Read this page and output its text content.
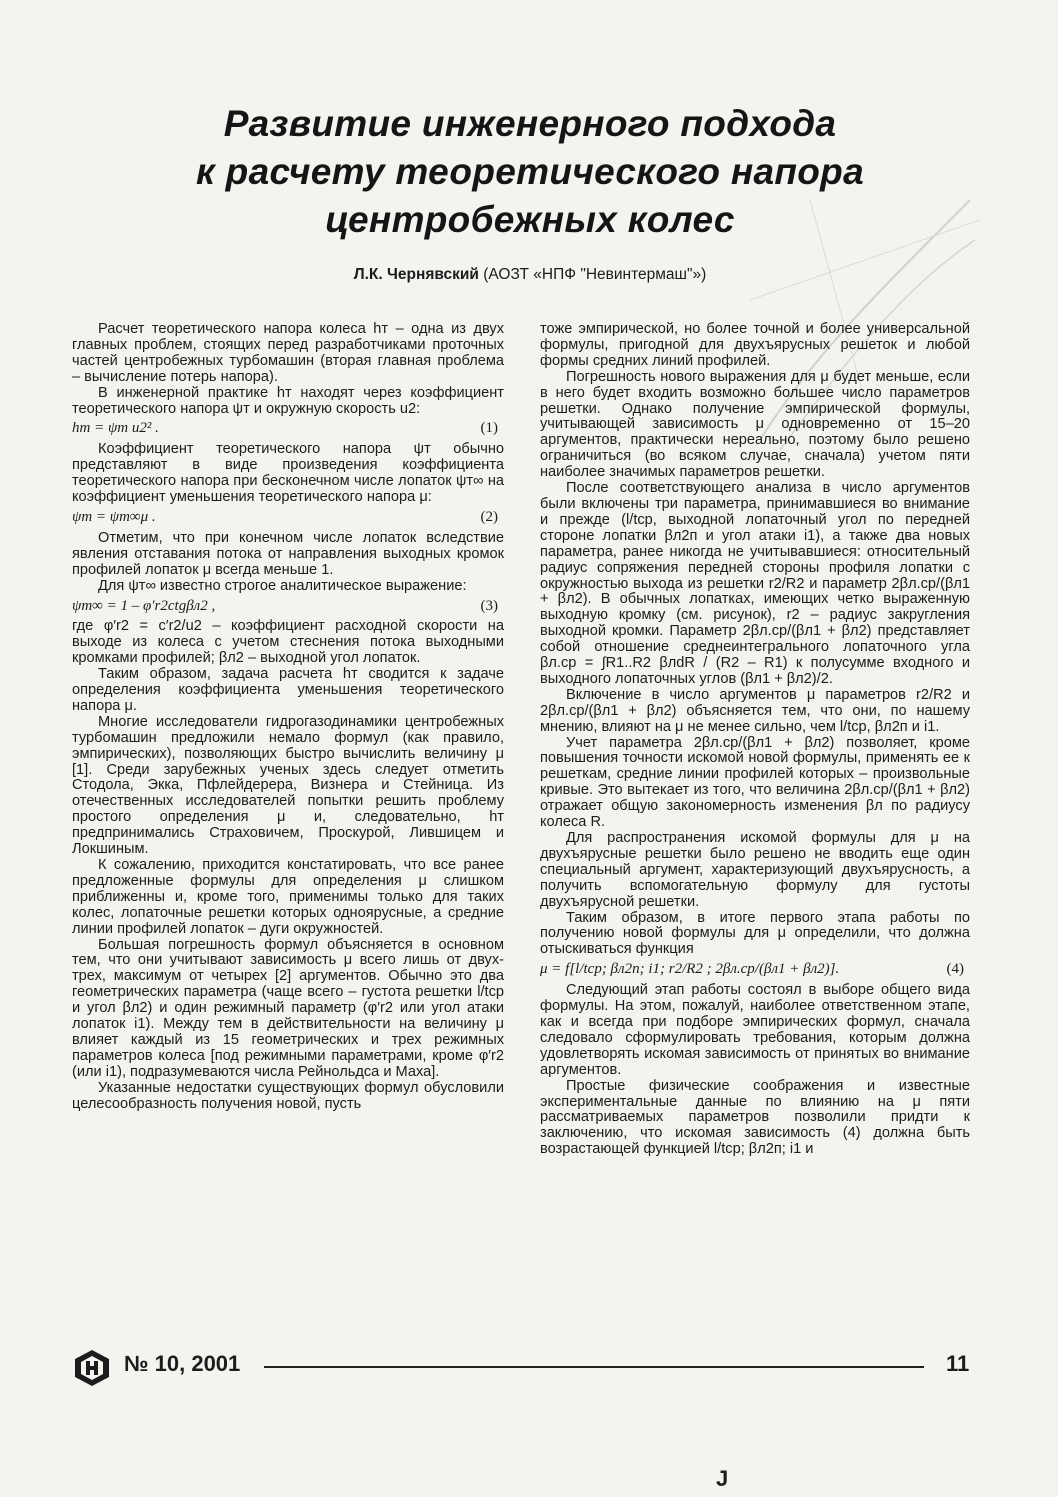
Развитие инженерного подхода
к расчету теоретического напора
центробежных колес
Л.К. Чернявский (АОЗТ «НПФ "Невинтермаш"»)

Расчет теоретического напора колеса hт – одна из двух главных проблем, стоящих перед разработчиками проточных частей центробежных турбомашин (вторая главная проблема – вычисление потерь напора).

В инженерной практике hт находят через коэффициент теоретического напора ψт и окружную скорость u2:

hт = ψт u2² .	(1)

Коэффициент теоретического напора ψт обычно представляют в виде произведения коэффициента теоретического напора при бесконечном числе лопаток ψт∞ на коэффициент уменьшения теоретического напора μ:

ψт = ψт∞μ .	(2)

Отметим, что при конечном числе лопаток вследствие явления отставания потока от направления выходных кромок профилей лопаток μ всегда меньше 1.

Для ψт∞ известно строгое аналитическое выражение:

ψт∞ = 1 – φ′r2ctgβл2 ,	(3)

где φ′r2 = c′r2/u2 – коэффициент расходной скорости на выходе из колеса с учетом стеснения потока выходными кромками профилей; βл2 – выходной угол лопаток.

Таким образом, задача расчета hт сводится к задаче определения коэффициента уменьшения теоретического напора μ.

Многие исследователи гидрогазодинамики центробежных турбомашин предложили немало формул (как правило, эмпирических), позволяющих быстро вычислить величину μ [1]. Среди зарубежных ученых здесь следует отметить Стодола, Экка, Пфлейдерера, Визнера и Стейница. Из отечественных исследователей попытки решить проблему простого определения μ и, следовательно, hт предпринимались Страховичем, Проскурой, Лившицем и Локшиным.

К сожалению, приходится констатировать, что все ранее предложенные формулы для определения μ слишком приближенны и, кроме того, применимы только для таких колес, лопаточные решетки которых одноярусные, а средние линии профилей лопаток – дуги окружностей.

Большая погрешность формул объясняется в основном тем, что они учитывают зависимость μ всего лишь от двух-трех, максимум от четырех [2] аргументов. Обычно это два геометрических параметра (чаще всего – густота решетки l/tср и угол βл2) и один режимный параметр (φ′r2 или угол атаки лопаток i1). Между тем в действительности на величину μ влияет каждый из 15 геометрических и трех режимных параметров колеса [под режимными параметрами, кроме φ′r2 (или i1), подразумеваются числа Рейнольдса и Маха].

Указанные недостатки существующих формул обусловили целесообразность получения новой, пусть

тоже эмпирической, но более точной и более универсальной формулы, пригодной для двухъярусных решеток и любой формы средних линий профилей.

Погрешность нового выражения для μ будет меньше, если в него будет входить возможно большее число параметров решетки. Однако получение эмпирической формулы, учитывающей зависимость μ одновременно от 15–20 аргументов, практически нереально, поэтому было решено ограничиться (во всяком случае, сначала) учетом пяти наиболее значимых параметров решетки.

После соответствующего анализа в число аргументов были включены три параметра, принимавшиеся во внимание и прежде (l/tср, выходной лопаточный угол по передней стороне лопатки βл2п и угол атаки i1), а также два новых параметра, ранее никогда не учитывавшиеся: относительный радиус сопряжения передней стороны профиля лопатки с окружностью выхода из решетки r2/R2 и параметр 2βл.ср/(βл1 + βл2). В обычных лопатках, имеющих четко выраженную выходную кромку (см. рисунок), r2 – радиус закругления выходной кромки. Параметр 2βл.ср/(βл1 + βл2) представляет собой отношение среднеинтегрального лопаточного угла βл.ср = ∫R1..R2 βлdR / (R2 – R1) к полусумме входного и выходного лопаточных углов (βл1 + βл2)/2.

Включение в число аргументов μ параметров r2/R2 и 2βл.ср/(βл1 + βл2) объясняется тем, что они, по нашему мнению, влияют на μ не менее сильно, чем l/tср, βл2п и i1.

Учет параметра 2βл.ср/(βл1 + βл2) позволяет, кроме повышения точности искомой новой формулы, применять ее к решеткам, средние линии профилей которых – произвольные кривые. Это вытекает из того, что величина 2βл.ср/(βл1 + βл2) отражает общую закономерность изменения βл по радиусу колеса R.

Для распространения искомой формулы для μ на двухъярусные решетки было решено не вводить еще один специальный аргумент, характеризующий двухъярусность, а получить вспомогательную формулу для густоты двухъярусной решетки.

Таким образом, в итоге первого этапа работы по получению новой формулы для μ определили, что должна отыскиваться функция

μ = f[l/tср; βл2п; i1; r2/R2 ; 2βл.ср/(βл1 + βл2)].	(4)

Следующий этап работы состоял в выборе общего вида формулы. На этом, пожалуй, наиболее ответственном этапе, как и всегда при подборе эмпирических формул, сначала следовало сформулировать требования, которым должна удовлетворять искомая зависимость от принятых во внимание аргументов.

Простые физические соображения и известные экспериментальные данные по влиянию на μ пяти рассматриваемых параметров позволили придти к заключению, что искомая зависимость (4) должна быть возрастающей функцией l/tср; βл2п; i1 и

№ 10, 2001	11
J
